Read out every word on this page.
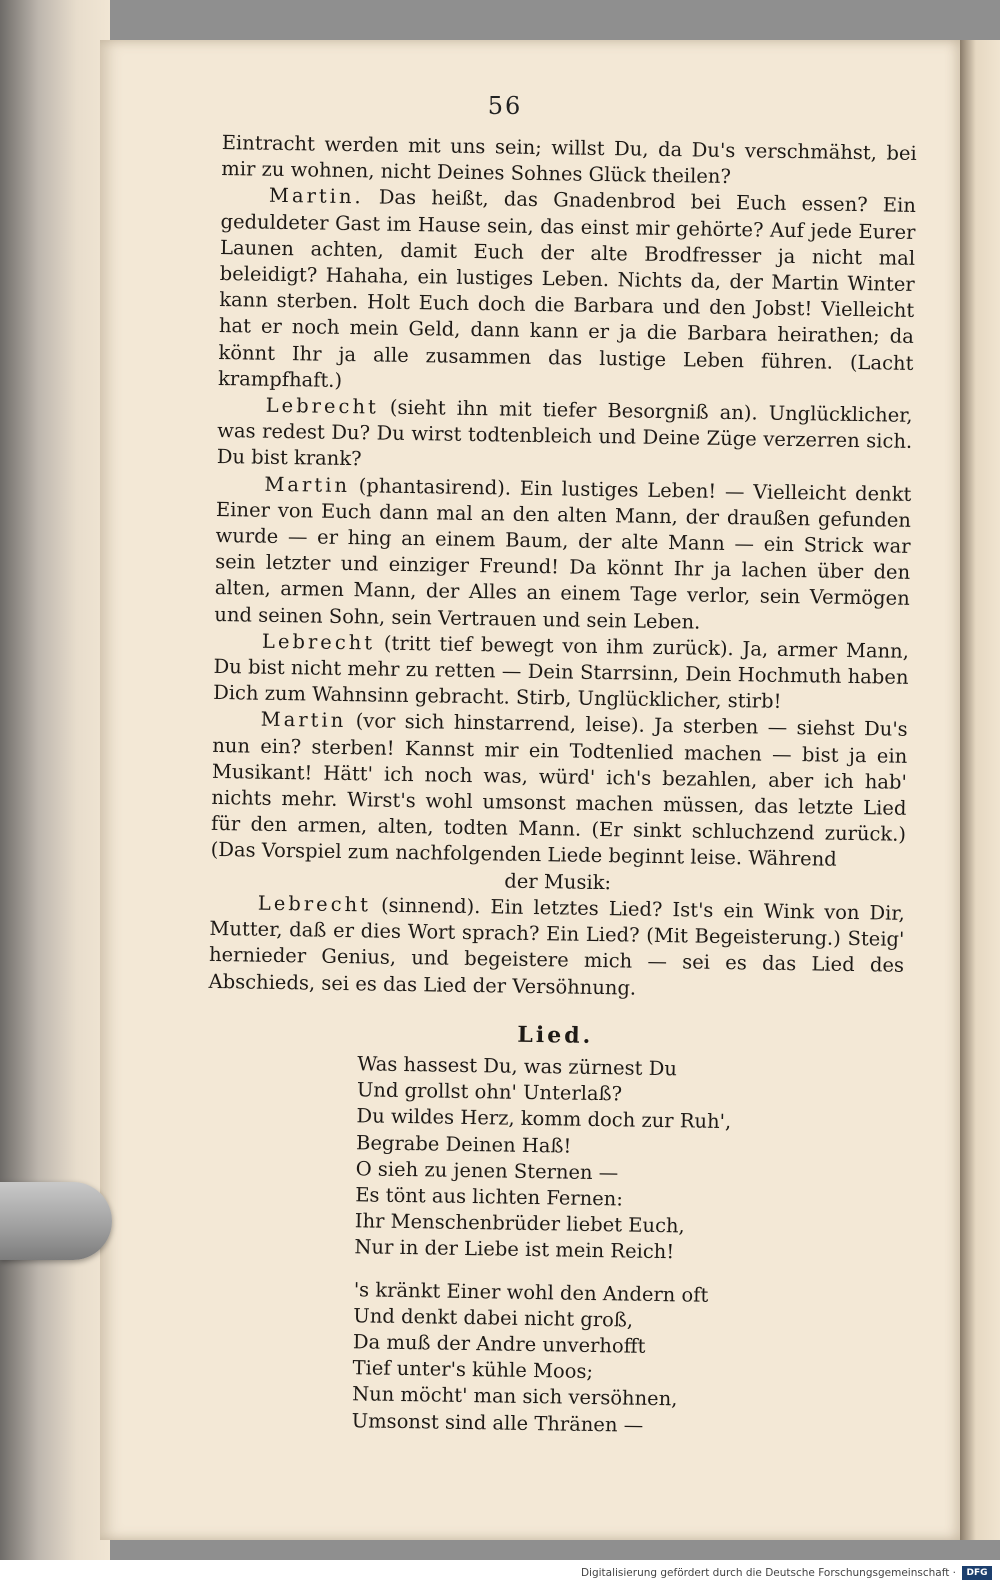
56

Eintracht werden mit uns sein; willst Du, da Du's verschmähst, bei mir zu wohnen, nicht Deines Sohnes Glück theilen?

Martin. Das heißt, das Gnadenbrod bei Euch essen? Ein geduldeter Gast im Hause sein, das einst mir gehörte? Auf jede Eurer Launen achten, damit Euch der alte Brodfresser ja nicht mal beleidigt? Hahaha, ein lustiges Leben. Nichts da, der Martin Winter kann sterben. Holt Euch doch die Barbara und den Jobst! Vielleicht hat er noch mein Geld, dann kann er ja die Barbara heirathen; da könnt Ihr ja alle zusammen das lustige Leben führen. (Lacht krampfhaft.)

Lebrecht (sieht ihn mit tiefer Besorgniß an). Unglücklicher, was redest Du? Du wirst todtenbleich und Deine Züge verzerren sich. Du bist krank?

Martin (phantasirend). Ein lustiges Leben! — Vielleicht denkt Einer von Euch dann mal an den alten Mann, der draußen gefunden wurde — er hing an einem Baum, der alte Mann — ein Strick war sein letzter und einziger Freund! Da könnt Ihr ja lachen über den alten, armen Mann, der Alles an einem Tage verlor, sein Vermögen und seinen Sohn, sein Vertrauen und sein Leben.

Lebrecht (tritt tief bewegt von ihm zurück). Ja, armer Mann, Du bist nicht mehr zu retten — Dein Starrsinn, Dein Hochmuth haben Dich zum Wahnsinn gebracht. Stirb, Unglücklicher, stirb!

Martin (vor sich hinstarrend, leise). Ja sterben — siehst Du's nun ein? sterben! Kannst mir ein Todtenlied machen — bist ja ein Musikant! Hätt' ich noch was, würd' ich's bezahlen, aber ich hab' nichts mehr. Wirst's wohl umsonst machen müssen, das letzte Lied für den armen, alten, todten Mann. (Er sinkt schluchzend zurück.) (Das Vorspiel zum nachfolgenden Liede beginnt leise. Während

der Musik:

Lebrecht (sinnend). Ein letztes Lied? Ist's ein Wink von Dir, Mutter, daß er dies Wort sprach? Ein Lied? (Mit Begeisterung.) Steig' hernieder Genius, und begeistere mich — sei es das Lied des Abschieds, sei es das Lied der Versöhnung.

Lied.
Was hassest Du, was zürnest Du
Und grollst ohn' Unterlaß?
Du wildes Herz, komm doch zur Ruh',
Begrabe Deinen Haß!
O sieh zu jenen Sternen —
Es tönt aus lichten Fernen:
Ihr Menschenbrüder liebet Euch,
Nur in der Liebe ist mein Reich!
's kränkt Einer wohl den Andern oft
Und denkt dabei nicht groß,
Da muß der Andre unverhofft
Tief unter's kühle Moos;
Nun möcht' man sich versöhnen,
Umsonst sind alle Thränen —
Digitalisierung gefördert durch die Deutsche Forschungsgemeinschaft ·	DFG
